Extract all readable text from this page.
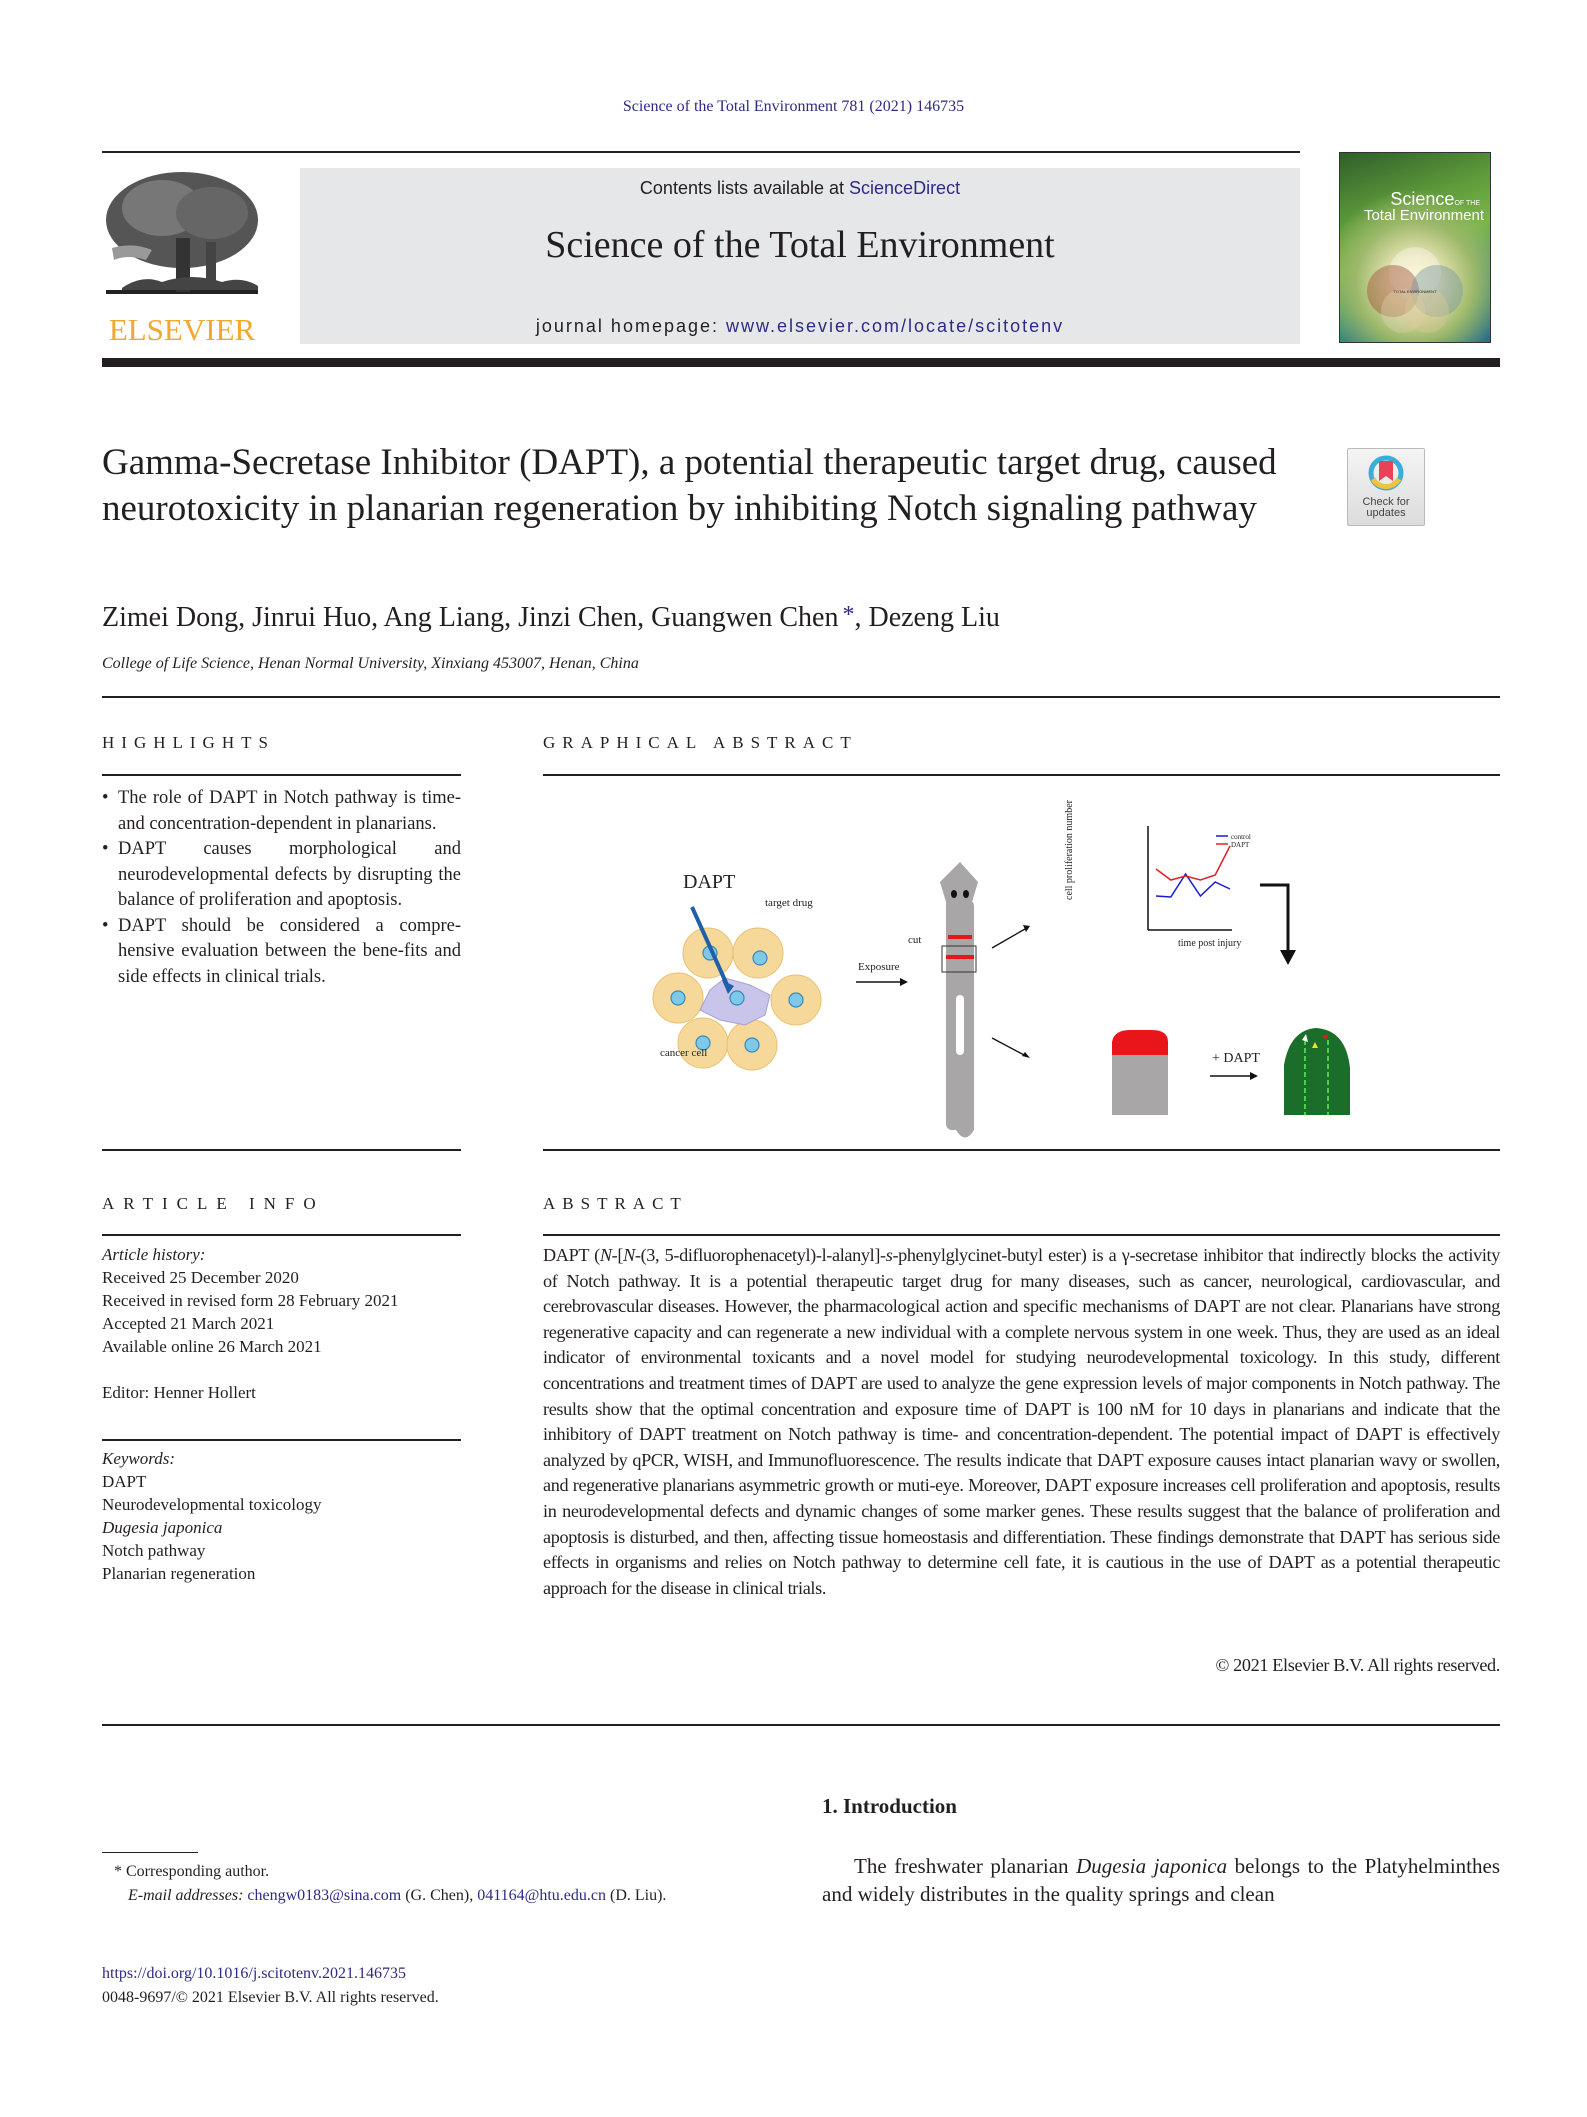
Science of the Total Environment 781 (2021) 146735
ELSEVIER
Contents lists available at ScienceDirect
Science of the Total Environment
journal homepage: www.elsevier.com/locate/scitotenv
ScienceOF THE
Total Environment
TOTAL ENVIRONMENT
Gamma-Secretase Inhibitor (DAPT), a potential therapeutic target drug, caused neurotoxicity in planarian regeneration by inhibiting Notch signaling pathway	Check for
updates
Zimei Dong, Jinrui Huo, Ang Liang, Jinzi Chen, Guangwen Chen *, Dezeng Liu
College of Life Science, Henan Normal University, Xinxiang 453007, Henan, China
HIGHLIGHTS	GRAPHICAL ABSTRACT
• The role of DAPT in Notch pathway is time- and concentration-dependent in planarians.
• DAPT causes morphological and neurodevelopmental defects by disrupting the balance of proliferation and apoptosis.
• DAPT should be considered a compre-hensive evaluation between the bene-fits and side effects in clinical trials.
DAPT
target drug
cancer cell
Exposure
cut
cell proliferation number
time post injury
control
DAPT
+ DAPT
ARTICLE INFO	ABSTRACT
Article history:
Received 25 December 2020
Received in revised form 28 February 2021
Accepted 21 March 2021
Available online 26 March 2021
Editor: Henner Hollert
Keywords:
DAPT
Neurodevelopmental toxicology
Dugesia japonica
Notch pathway
Planarian regeneration
DAPT (N-[N-(3, 5-difluorophenacetyl)-l-alanyl]-s-phenylglycinet-butyl ester) is a γ-secretase inhibitor that indirectly blocks the activity of Notch pathway. It is a potential therapeutic target drug for many diseases, such as cancer, neurological, cardiovascular, and cerebrovascular diseases. However, the pharmacological action and specific mechanisms of DAPT are not clear. Planarians have strong regenerative capacity and can regenerate a new individual with a complete nervous system in one week. Thus, they are used as an ideal indicator of environmental toxicants and a novel model for studying neurodevelopmental toxicology. In this study, different concentrations and treatment times of DAPT are used to analyze the gene expression levels of major components in Notch pathway. The results show that the optimal concentration and exposure time of DAPT is 100 nM for 10 days in planarians and indicate that the inhibitory of DAPT treatment on Notch pathway is time- and concentration-dependent. The potential impact of DAPT is effectively analyzed by qPCR, WISH, and Immunofluorescence. The results indicate that DAPT exposure causes intact planarian wavy or swollen, and regenerative planarians asymmetric growth or muti-eye. Moreover, DAPT exposure increases cell proliferation and apoptosis, results in neurodevelopmental defects and dynamic changes of some marker genes. These results suggest that the balance of proliferation and apoptosis is disturbed, and then, affecting tissue homeostasis and differentiation. These findings demonstrate that DAPT has serious side effects in organisms and relies on Notch pathway to determine cell fate, it is cautious in the use of DAPT as a potential therapeutic approach for the disease in clinical trials.
© 2021 Elsevier B.V. All rights reserved.
1. Introduction

The freshwater planarian Dugesia japonica belongs to the Platyhelminthes and widely distributes in the quality springs and clean

* Corresponding author.
E-mail addresses: chengw0183@sina.com (G. Chen), 041164@htu.edu.cn (D. Liu).
https://doi.org/10.1016/j.scitotenv.2021.146735
0048-9697/© 2021 Elsevier B.V. All rights reserved.
